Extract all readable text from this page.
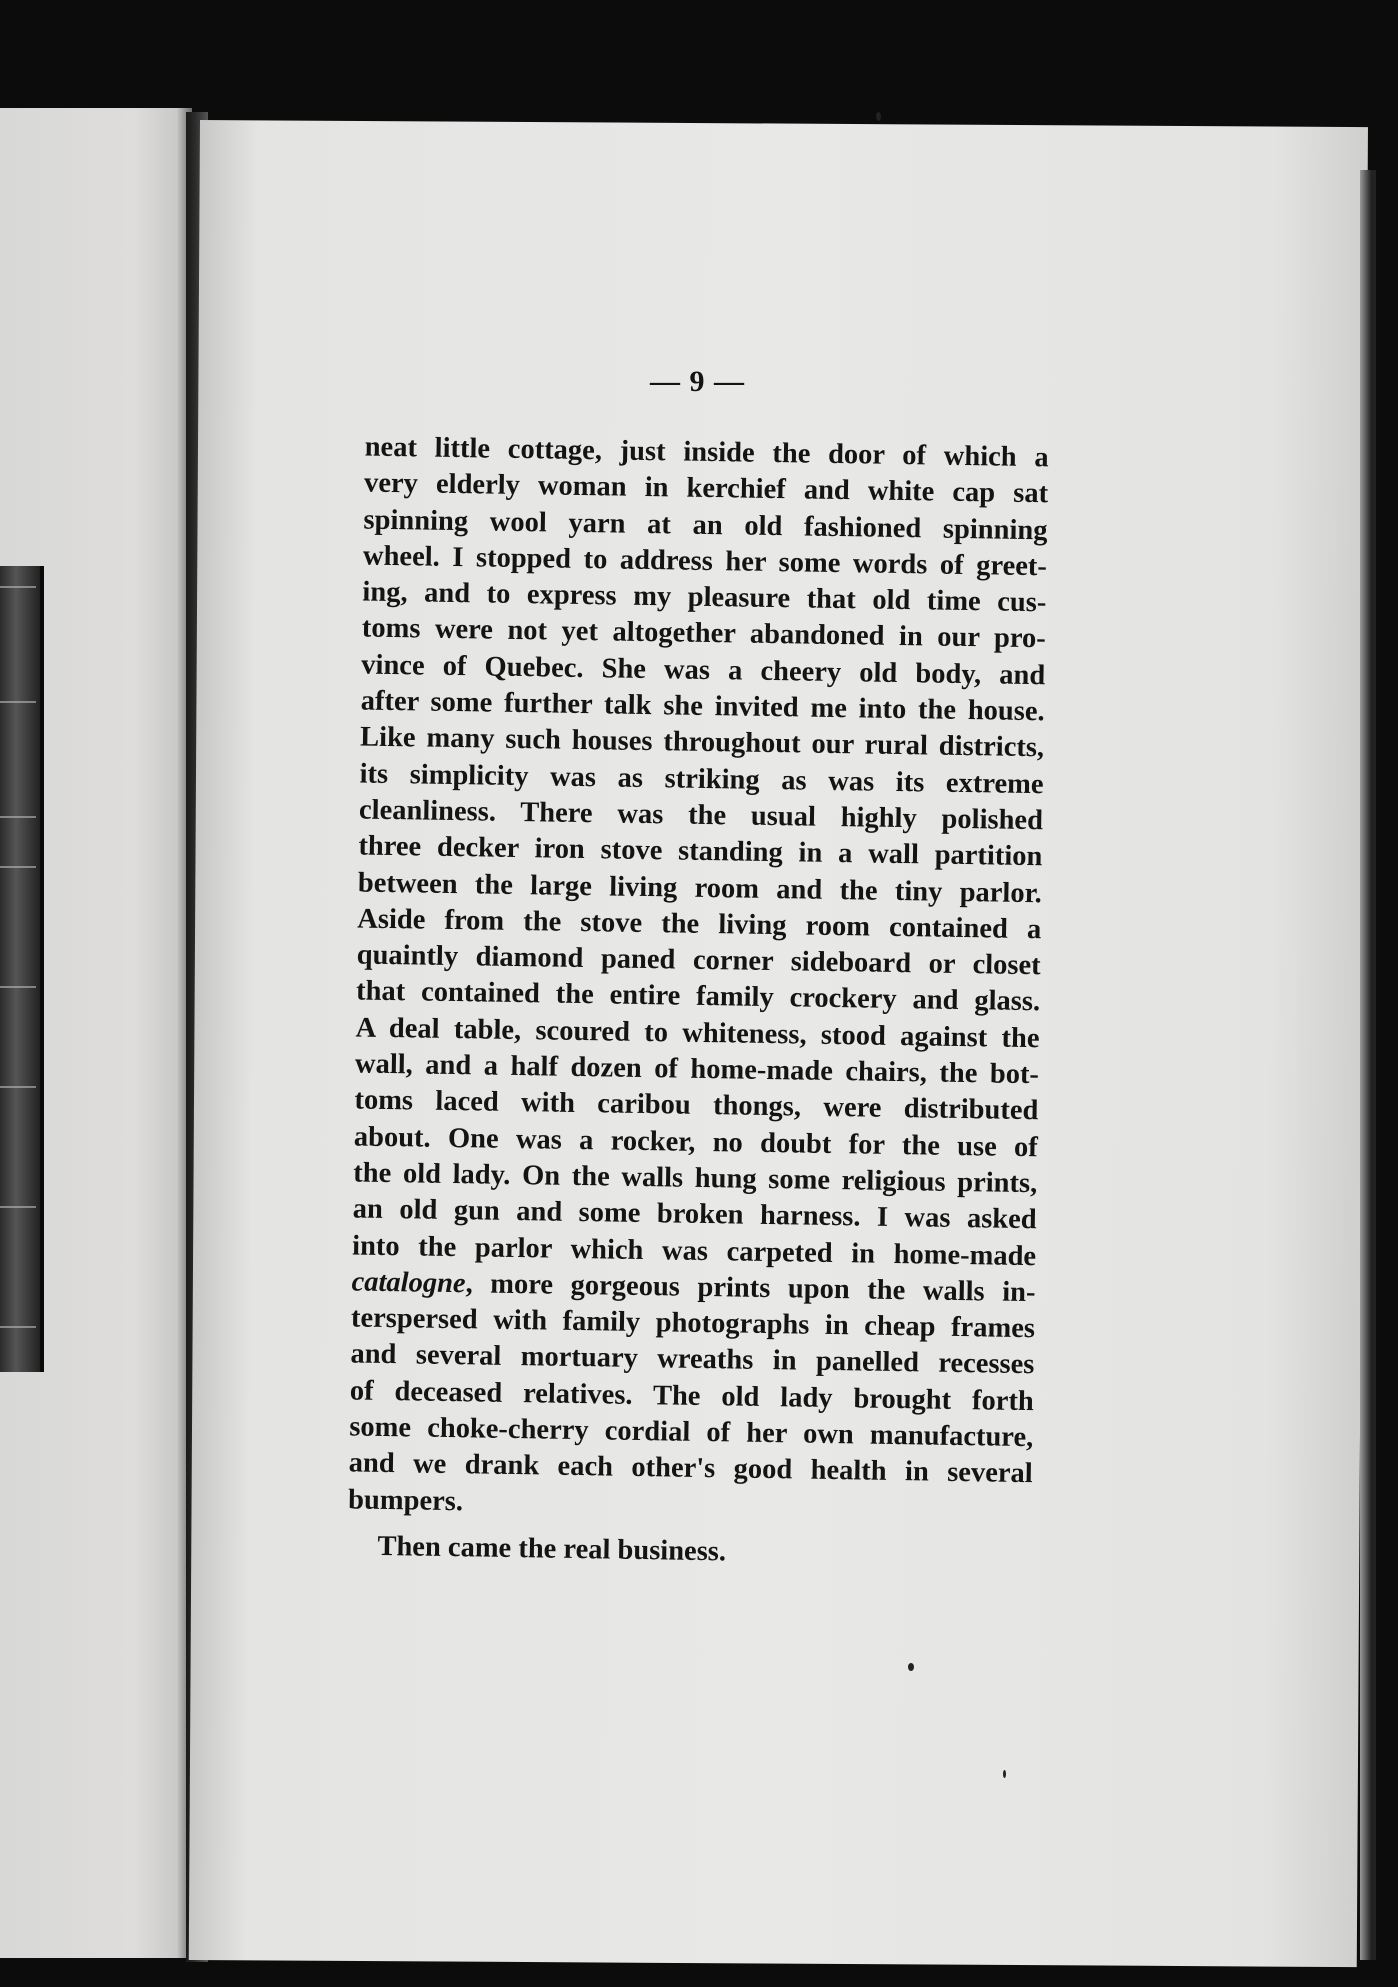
— 9 —
neat little cottage, just inside the door of which a
very elderly woman in kerchief and white cap sat
spinning wool yarn at an old fashioned spinning
wheel. I stopped to address her some words of greet-
ing, and to express my pleasure that old time cus-
toms were not yet altogether abandoned in our pro-
vince of Quebec. She was a cheery old body, and
after some further talk she invited me into the house.
Like many such houses throughout our rural districts,
its simplicity was as striking as was its extreme
cleanliness. There was the usual highly polished
three decker iron stove standing in a wall partition
between the large living room and the tiny parlor.
Aside from the stove the living room contained a
quaintly diamond paned corner sideboard or closet
that contained the entire family crockery and glass.
A deal table, scoured to whiteness, stood against the
wall, and a half dozen of home-made chairs, the bot-
toms laced with caribou thongs, were distributed
about. One was a rocker, no doubt for the use of
the old lady. On the walls hung some religious prints,
an old gun and some broken harness. I was asked
into the parlor which was carpeted in home-made
catalogne, more gorgeous prints upon the walls in-
terspersed with family photographs in cheap frames
and several mortuary wreaths in panelled recesses
of deceased relatives. The old lady brought forth
some choke-cherry cordial of her own manufacture,
and we drank each other's good health in several
bumpers.
Then came the real business.
